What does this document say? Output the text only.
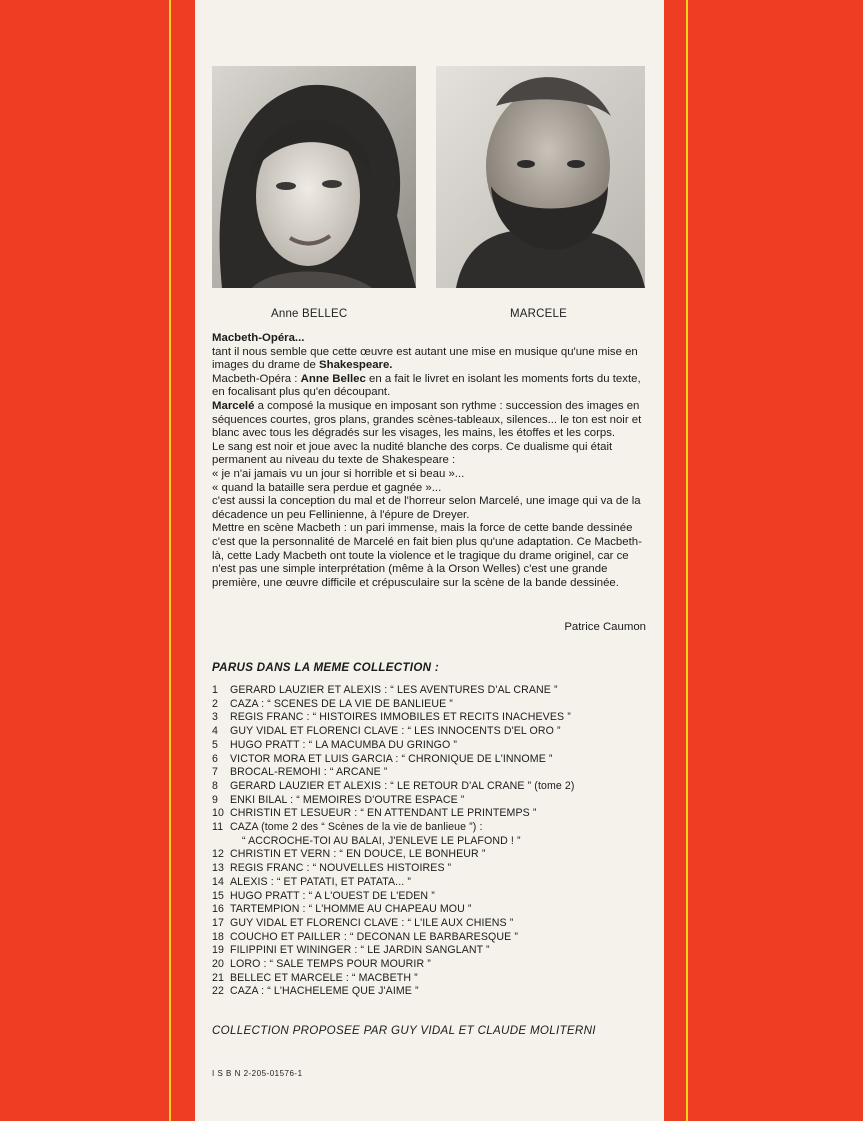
Anne BELLEC	MARCELE

Macbeth-Opéra...

tant il nous semble que cette œuvre est autant une mise en musique qu'une mise en images du drame de Shakespeare.

Macbeth-Opéra : Anne Bellec en a fait le livret en isolant les moments forts du texte, en focalisant plus qu'en découpant.

Marcelé a composé la musique en imposant son rythme : succession des images en séquences courtes, gros plans, grandes scènes-tableaux, silences... le ton est noir et blanc avec tous les dégradés sur les visages, les mains, les étoffes et les corps.

Le sang est noir et joue avec la nudité blanche des corps. Ce dualisme qui était permanent au niveau du texte de Shakespeare :

« je n'ai jamais vu un jour si horrible et si beau »...

« quand la bataille sera perdue et gagnée »...

c'est aussi la conception du mal et de l'horreur selon Marcelé, une image qui va de la décadence un peu Fellinienne, à l'épure de Dreyer.

Mettre en scène Macbeth : un pari immense, mais la force de cette bande dessinée c'est que la personnalité de Marcelé en fait bien plus qu'une adaptation. Ce Macbeth-là, cette Lady Macbeth ont toute la violence et le tragique du drame originel, car ce n'est pas une simple interprétation (même à la Orson Welles) c'est une grande première, une œuvre difficile et crépusculaire sur la scène de la bande dessinée.

Patrice Caumon
PARUS DANS LA MEME COLLECTION :
1 GERARD LAUZIER ET ALEXIS : “ LES AVENTURES D'AL CRANE ”
2 CAZA : “ SCENES DE LA VIE DE BANLIEUE ”
3 REGIS FRANC : “ HISTOIRES IMMOBILES ET RECITS INACHEVES ”
4 GUY VIDAL ET FLORENCI CLAVE : “ LES INNOCENTS D'EL ORO ”
5 HUGO PRATT : “ LA MACUMBA DU GRINGO ”
6 VICTOR MORA ET LUIS GARCIA : “ CHRONIQUE DE L'INNOME ”
7 BROCAL-REMOHI : “ ARCANE ”
8 GERARD LAUZIER ET ALEXIS : “ LE RETOUR D'AL CRANE ” (tome 2)
9 ENKI BILAL : “ MEMOIRES D'OUTRE ESPACE ”
10 CHRISTIN ET LESUEUR : “ EN ATTENDANT LE PRINTEMPS ”
11 CAZA (tome 2 des “ Scènes de la vie de banlieue ”) :
“ ACCROCHE-TOI AU BALAI, J'ENLEVE LE PLAFOND ! ”
12 CHRISTIN ET VERN : “ EN DOUCE, LE BONHEUR ”
13 REGIS FRANC : “ NOUVELLES HISTOIRES ”
14 ALEXIS : “ ET PATATI, ET PATATA... ”
15 HUGO PRATT : “ A L'OUEST DE L'EDEN ”
16 TARTEMPION : “ L'HOMME AU CHAPEAU MOU ”
17 GUY VIDAL ET FLORENCI CLAVE : “ L'ILE AUX CHIENS ”
18 COUCHO ET PAILLER : “ DECONAN LE BARBARESQUE ”
19 FILIPPINI ET WININGER : “ LE JARDIN SANGLANT ”
20 LORO : “ SALE TEMPS POUR MOURIR ”
21 BELLEC ET MARCELE : “ MACBETH ”
22 CAZA : “ L'HACHELEME QUE J'AIME ”
COLLECTION PROPOSEE PAR GUY VIDAL ET CLAUDE MOLITERNI
I S B N 2-205-01576-1
